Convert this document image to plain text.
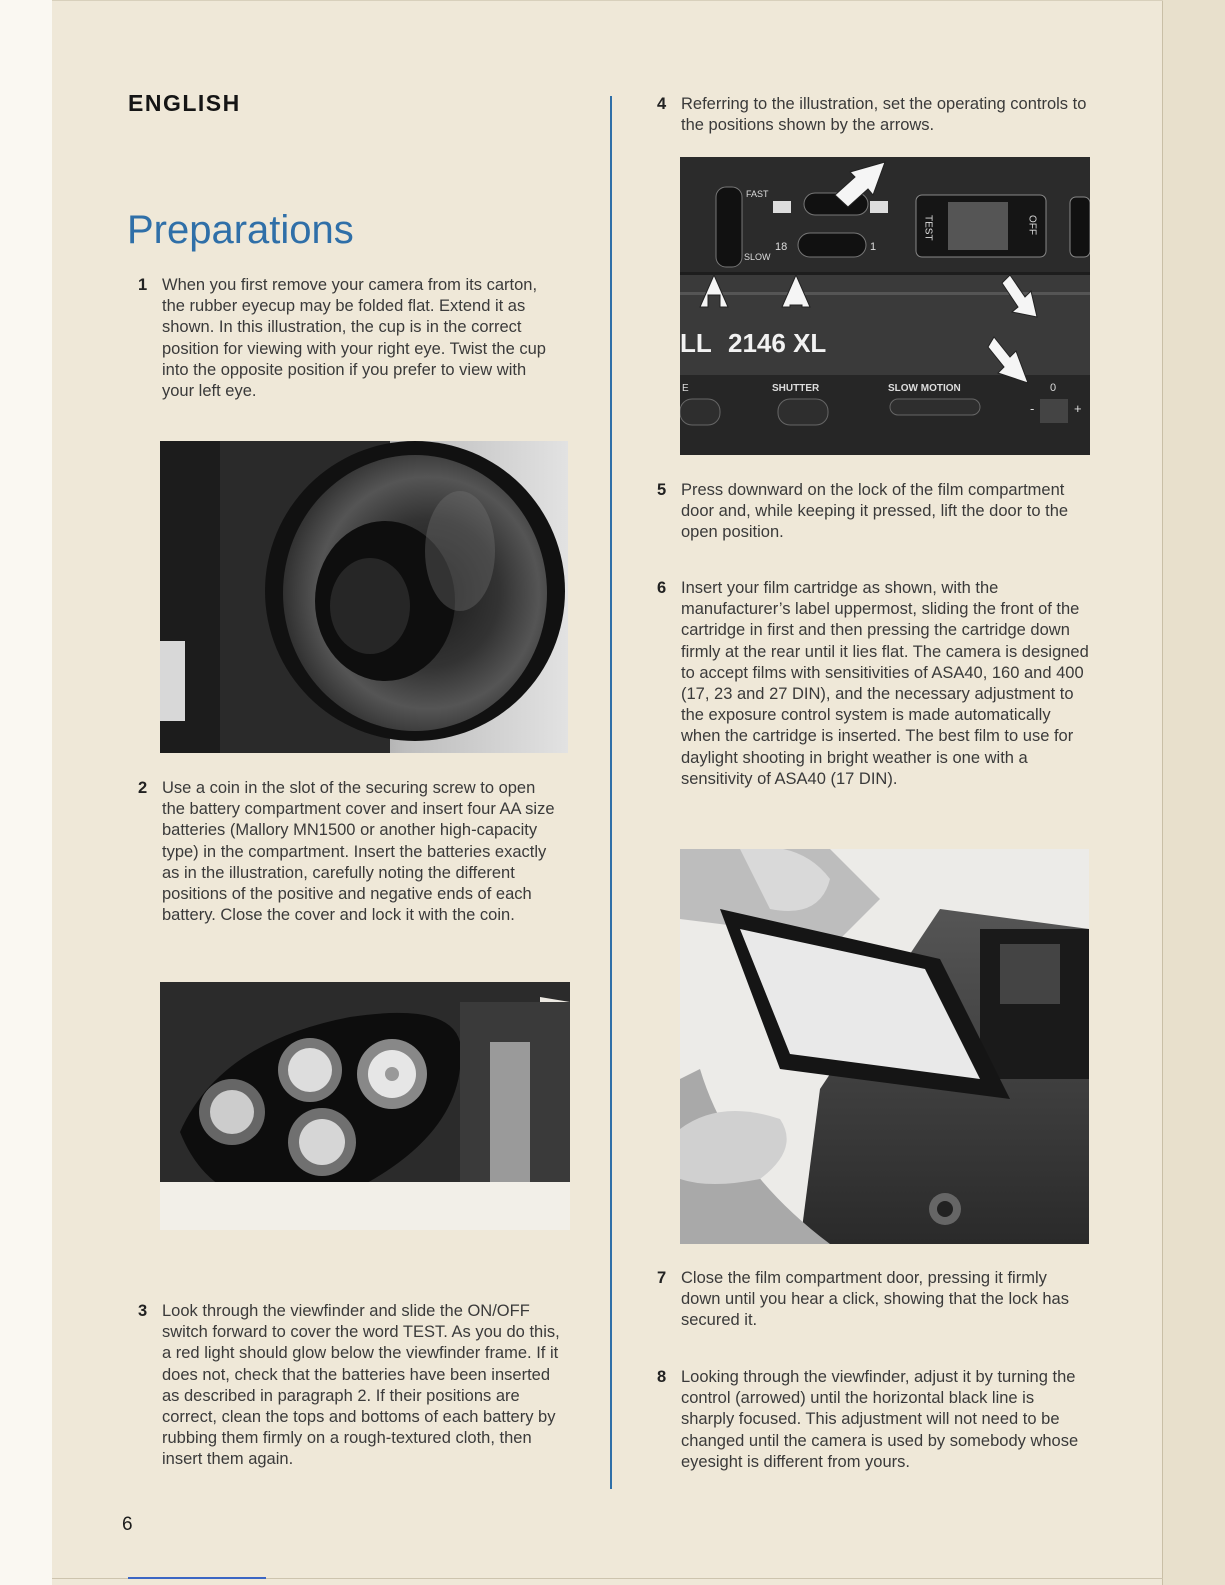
ENGLISH
Preparations
1 When you first remove your camera from its carton, the rubber eyecup may be folded flat. Extend it as shown. In this illustration, the cup is in the correct position for viewing with your right eye. Twist the cup into the opposite position if you prefer to view with your left eye.
2 Use a coin in the slot of the securing screw to open the battery compartment cover and insert four AA size batteries (Mallory MN1500 or another high-capacity type) in the compartment. Insert the batteries exactly as in the illustration, carefully noting the different positions of the positive and negative ends of each battery. Close the cover and lock it with the coin.
3 Look through the viewfinder and slide the ON/OFF switch forward to cover the word TEST. As you do this, a red light should glow below the viewfinder frame. If it does not, check that the batteries have been inserted as described in paragraph 2. If their positions are correct, clean the tops and bottoms of each battery by rubbing them firmly on a rough-textured cloth, then insert them again.
4 Referring to the illustration, set the operating controls to the positions shown by the arrows.
FAST
SLOW
18	1
TEST	OFF
LL 2146 XL
E	SHUTTER	SLOW MOTION	0
-	+
5 Press downward on the lock of the film compartment door and, while keeping it pressed, lift the door to the open position.
6 Insert your film cartridge as shown, with the manufacturer’s label uppermost, sliding the front of the cartridge in first and then pressing the cartridge down firmly at the rear until it lies flat. The camera is designed to accept films with sensitivities of ASA40, 160 and 400 (17, 23 and 27 DIN), and the necessary adjustment to the exposure control system is made automatically when the cartridge is inserted. The best film to use for daylight shooting in bright weather is one with a sensitivity of ASA40 (17 DIN).
7 Close the film compartment door, pressing it firmly down until you hear a click, showing that the lock has secured it.
8 Looking through the viewfinder, adjust it by turning the control (arrowed) until the horizontal black line is sharply focused. This adjustment will not need to be changed until the camera is used by somebody whose eyesight is different from yours.
6
